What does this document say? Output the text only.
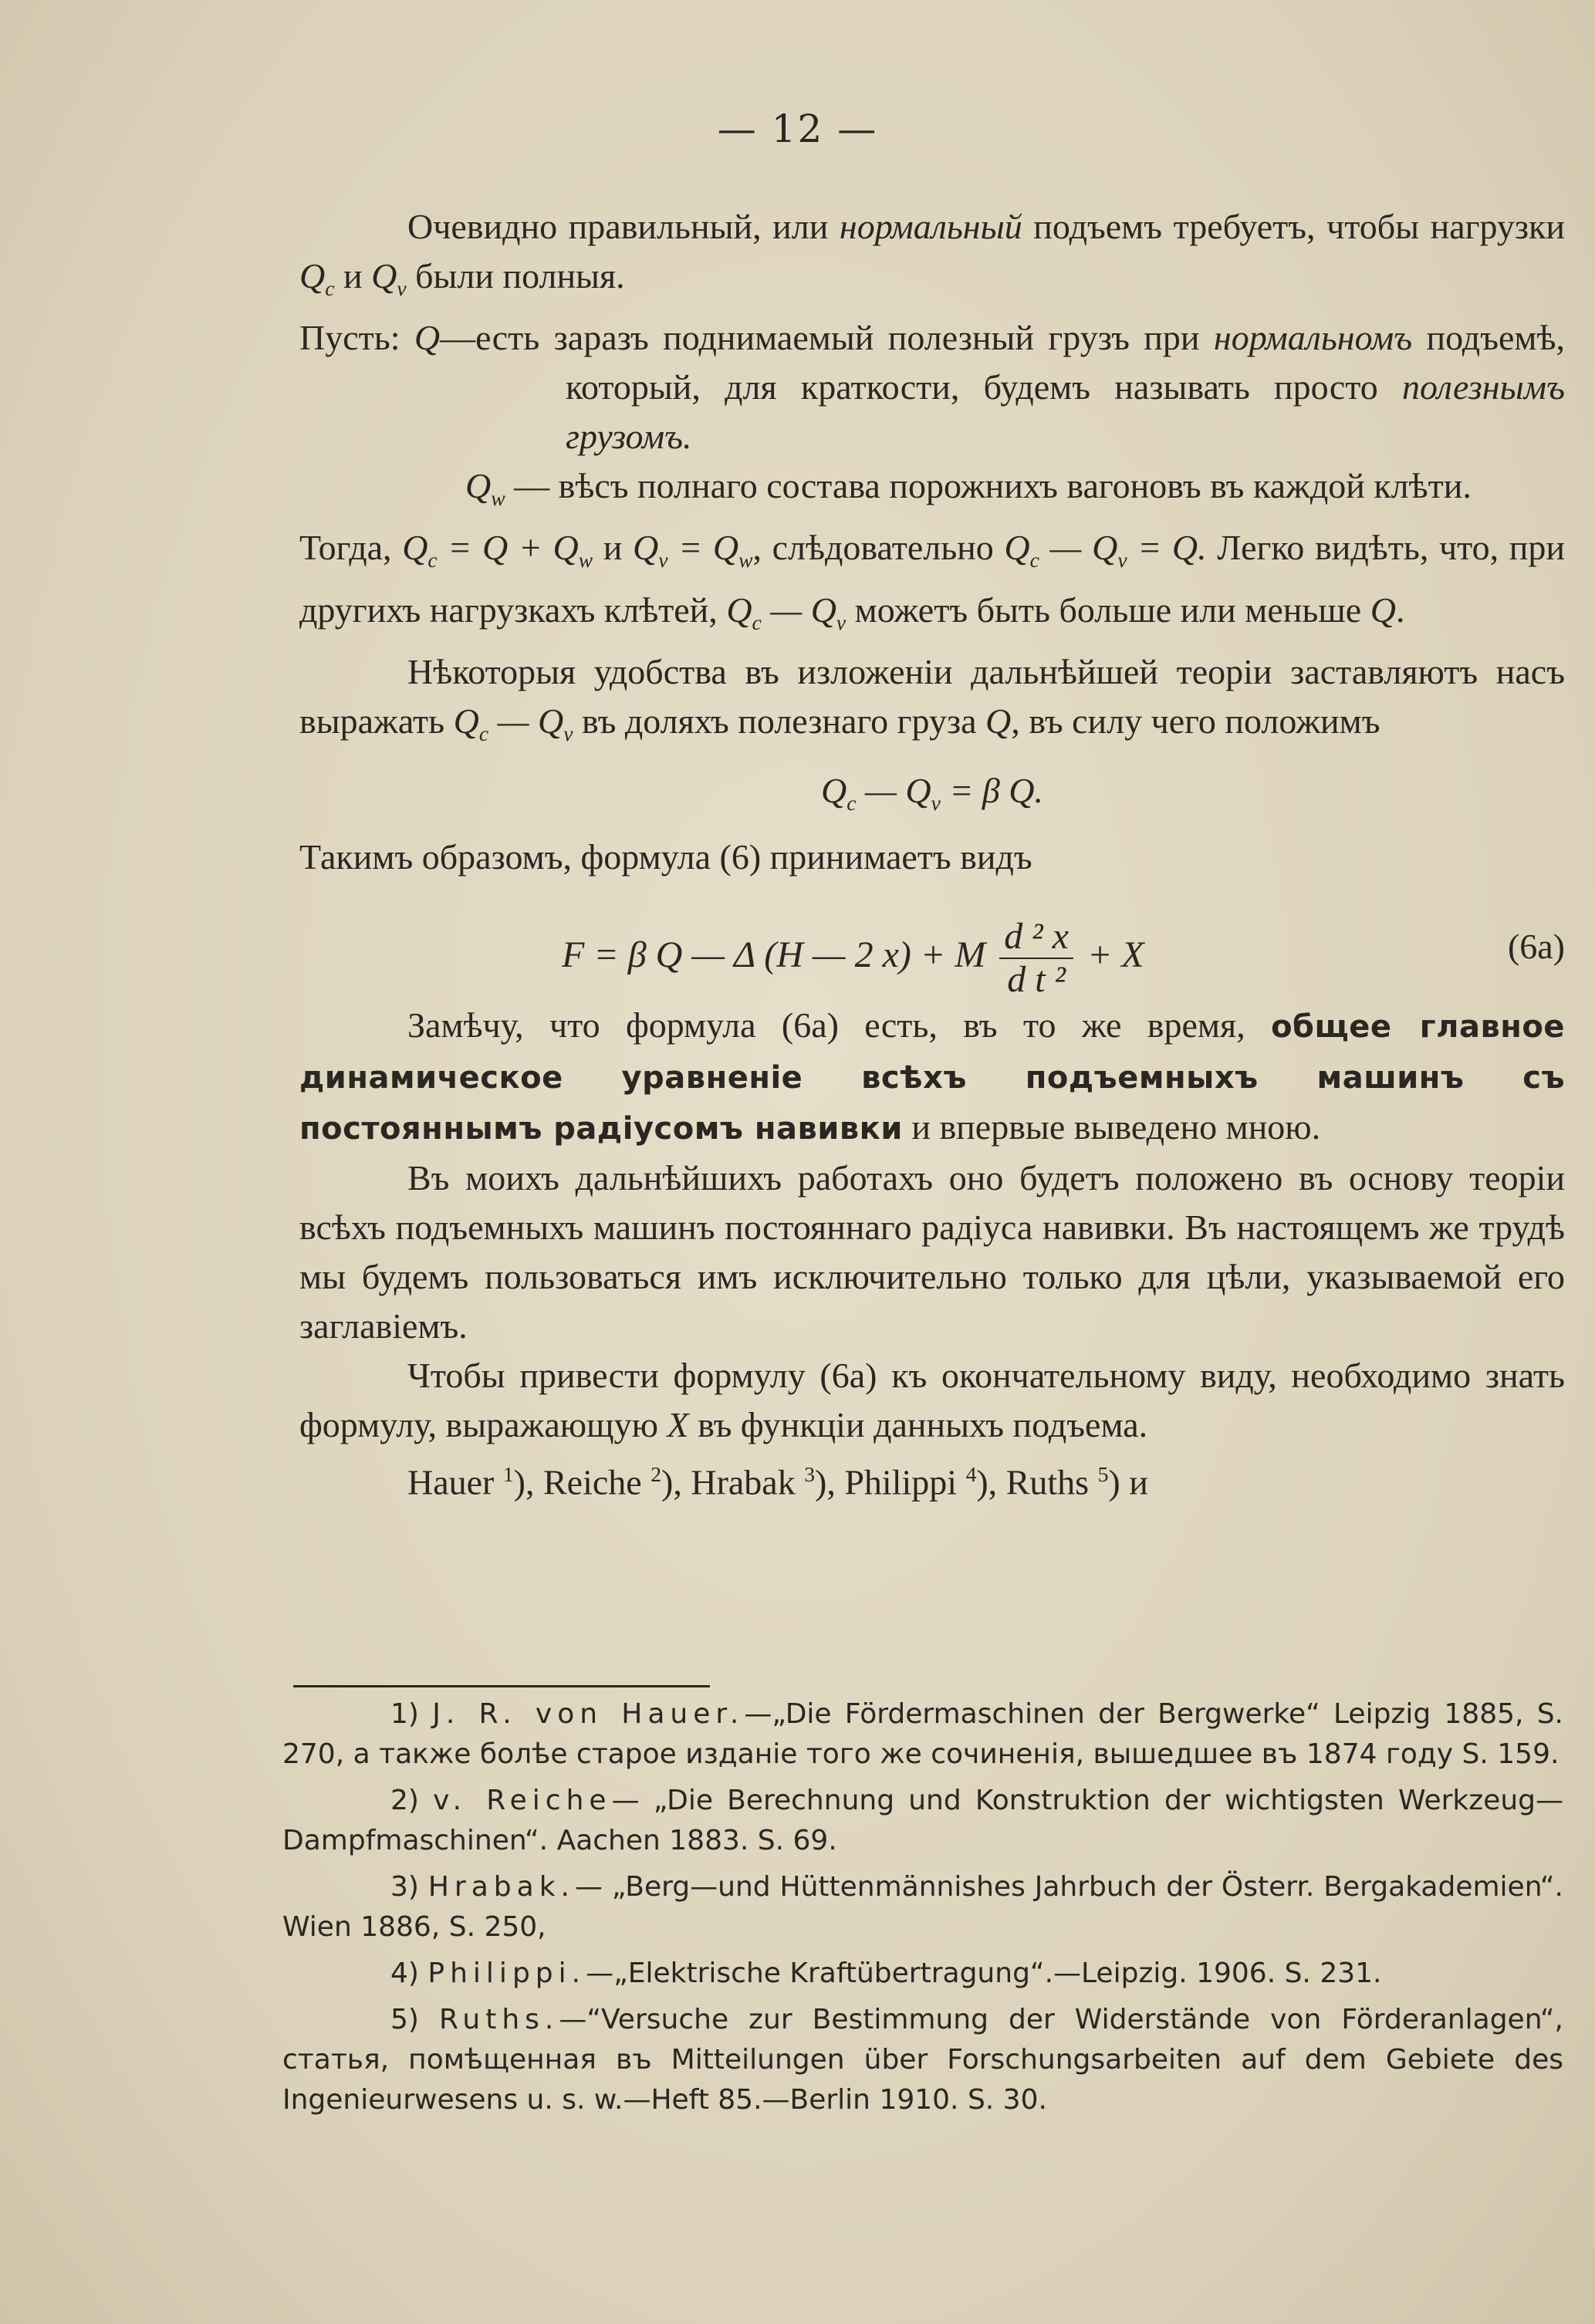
— 12 —

Очевидно правильный, или нормальный подъемъ требуетъ, чтобы нагрузки $Q_c$ и $Q_v$ были полныя.

Пусть: Q—есть заразъ поднимаемый полезный грузъ при нормальномъ подъемѣ, который, для краткости, будемъ называть просто полезнымъ грузомъ.

$Q_w$ — вѣсъ полнаго состава порожнихъ вагоновъ въ каждой клѣти.

Тогда, $Q_c = Q + Q_w$ и $Q_v = Q_w$, слѣдовательно $Q_c$ — $Q_v = Q$. Легко видѣть, что, при другихъ нагрузкахъ клѣтей, $Q_c$ — $Q_v$ можетъ быть больше или меньше Q.

Нѣкоторыя удобства въ изложеніи дальнѣйшей теоріи заставляютъ насъ выражать $Q_c$ — $Q_v$ въ доляхъ полезнаго груза Q, въ силу чего положимъ

$Q_c$ — $Q_v = \beta$ Q.

Такимъ образомъ, формула (6) принимаетъ видъ

F = β Q — Δ (H — 2 x) + M $\frac{\text{d ² x}}{\text{d t ²}} + X$	(6a)

Замѣчу, что формула (6a) есть, въ то же время, общее главное динамическое уравненіе всѣхъ подъемныхъ машинъ съ постояннымъ радіусомъ навивки и впервые выведено мною.

Въ моихъ дальнѣйшихъ работахъ оно будетъ положено въ основу теоріи всѣхъ подъемныхъ машинъ постояннаго радіуса навивки. Въ настоящемъ же трудѣ мы будемъ пользоваться имъ исключительно только для цѣли, указываемой его заглавіемъ.

Чтобы привести формулу (6a) къ окончательному виду, необходимо знать формулу, выражающую X въ функціи данныхъ подъема.

Hauer $^1$), Reiche $^2$), Hrabak $^3$), Philippi $^4$), Ruths $^5$) и

1) J. R. von Hauer.—„Die Fördermaschinen der Bergwerke“ Leipzig 1885, S. 270, а также болѣе старое изданіе того же сочиненія, вышедшее въ 1874 году S. 159.

2) v. Reiche— „Die Berechnung und Konstruktion der wichtigsten Werkzeug—Dampfmaschinen“. Aachen 1883. S. 69.

3) Hrabak.— „Berg—und Hüttenmännishes Jahrbuch der Österr. Bergakademien“. Wien 1886, S. 250,

4) Philippi.—„Elektrische Kraftübertragung“.—Leipzig. 1906. S. 231.

5) Ruths.—“Versuche zur Bestimmung der Widerstände von Förderanlagen“, статья, помѣщенная въ Mitteilungen über Forschungsarbeiten auf dem Gebiete des Ingenieurwesens u. s. w.—Heft 85.—Berlin 1910. S. 30.
